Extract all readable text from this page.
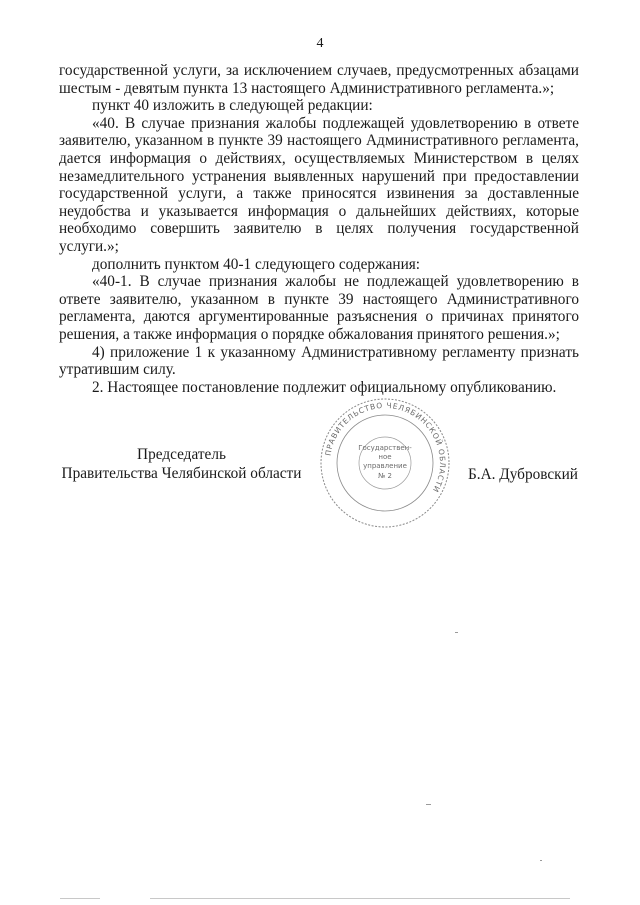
4

государственной услуги, за исключением случаев, предусмотренных абзацами шестым - девятым пункта 13 настоящего Административного регламента.»;

пункт 40 изложить в следующей редакции:

«40. В случае признания жалобы подлежащей удовлетворению в ответе заявителю, указанном в пункте 39 настоящего Административного регламента, дается информация о действиях, осуществляемых Министерством в целях незамедлительного устранения выявленных нарушений при предоставлении государственной услуги, а также приносятся извинения за доставленные неудобства и указывается информация о дальнейших действиях, которые необходимо совершить заявителю в целях получения государственной услуги.»;

дополнить пунктом 40-1 следующего содержания:

«40-1. В случае признания жалобы не подлежащей удовлетворению в ответе заявителю, указанном в пункте 39 настоящего Административного регламента, даются аргументированные разъяснения о причинах принятого решения, а также информация о порядке обжалования принятого решения.»;

4) приложение 1 к указанному Административному регламенту признать утратившим силу.

2. Настоящее постановление подлежит официальному опубликованию.

Председатель
Правительства Челябинской области
ПРАВИТЕЛЬСТВО ЧЕЛЯБИНСКОЙ ОБЛАСТИ
Государствен-
ное
управление
№ 2	Б.А. Дубровский
